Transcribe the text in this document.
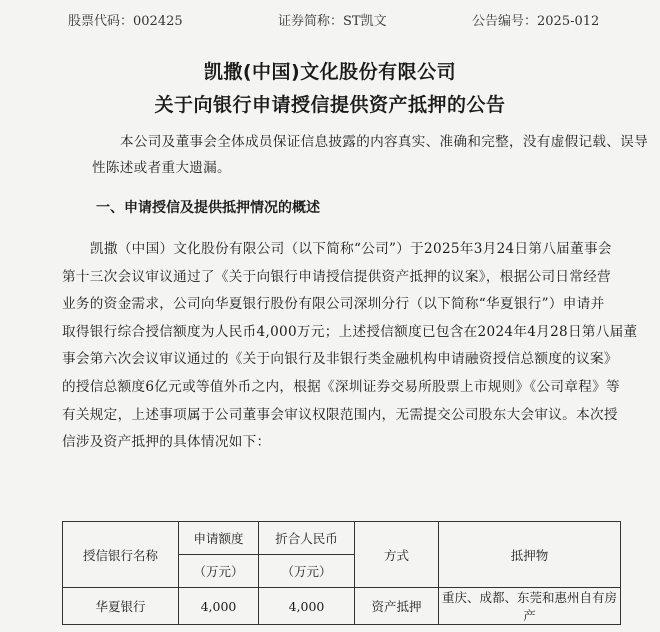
股票代码：002425	证券简称：ST凯文	公告编号：2025-012
凯撒(中国)文化股份有限公司
关于向银行申请授信提供资产抵押的公告
本公司及董事会全体成员保证信息披露的内容真实、准确和完整，没有虚假记载、误导
性陈述或者重大遗漏。
一、申请授信及提供抵押情况的概述
凯撒（中国）文化股份有限公司（以下简称“公司”）于2025年3月24日第八届董事会
第十三次会议审议通过了《关于向银行申请授信提供资产抵押的议案》，根据公司日常经营
业务的资金需求，公司向华夏银行股份有限公司深圳分行（以下简称“华夏银行”）申请并
取得银行综合授信额度为人民币4,000万元；上述授信额度已包含在2024年4月28日第八届董
事会第六次会议审议通过的《关于向银行及非银行类金融机构申请融资授信总额度的议案》
的授信总额度6亿元或等值外币之内，根据《深圳证券交易所股票上市规则》《公司章程》等
有关规定，上述事项属于公司董事会审议权限范围内，无需提交公司股东大会审议。本次授
信涉及资产抵押的具体情况如下：
授信银行名称	申请额度	折合人民币	方式	抵押物
	（万元）	（万元）		
华夏银行	4,000	4,000	资产抵押	重庆、成都、东莞和惠州自有房产
